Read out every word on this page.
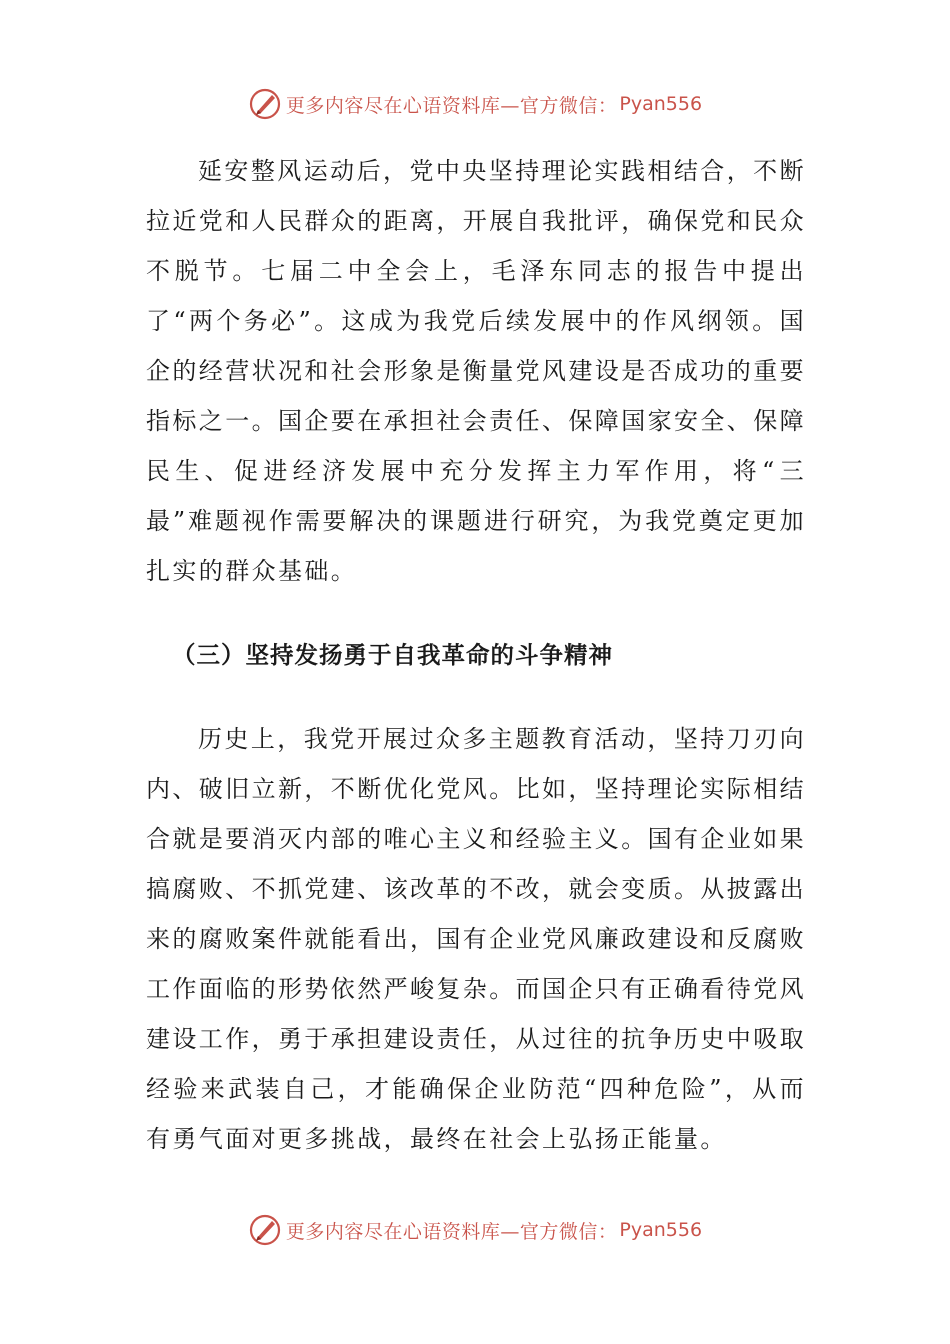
更多内容尽在心语资料库—官方微信： Pyan556

延安整风运动后，党中央坚持理论实践相结合，不断拉近党和人民群众的距离，开展自我批评，确保党和民众不脱节。七届二中全会上，毛泽东同志的报告中提出了“两个务必”。这成为我党后续发展中的作风纲领。国企的经营状况和社会形象是衡量党风建设是否成功的重要指标之一。国企要在承担社会责任、保障国家安全、保障民生、促进经济发展中充分发挥主力军作用，将“三最”难题视作需要解决的课题进行研究，为我党奠定更加扎实的群众基础。

（三）坚持发扬勇于自我革命的斗争精神

历史上，我党开展过众多主题教育活动，坚持刀刃向内、破旧立新，不断优化党风。比如，坚持理论实际相结合就是要消灭内部的唯心主义和经验主义。国有企业如果搞腐败、不抓党建、该改革的不改，就会变质。从披露出来的腐败案件就能看出，国有企业党风廉政建设和反腐败工作面临的形势依然严峻复杂。而国企只有正确看待党风建设工作，勇于承担建设责任，从过往的抗争历史中吸取经验来武装自己，才能确保企业防范“四种危险”，从而有勇气面对更多挑战，最终在社会上弘扬正能量。

更多内容尽在心语资料库—官方微信： Pyan556
